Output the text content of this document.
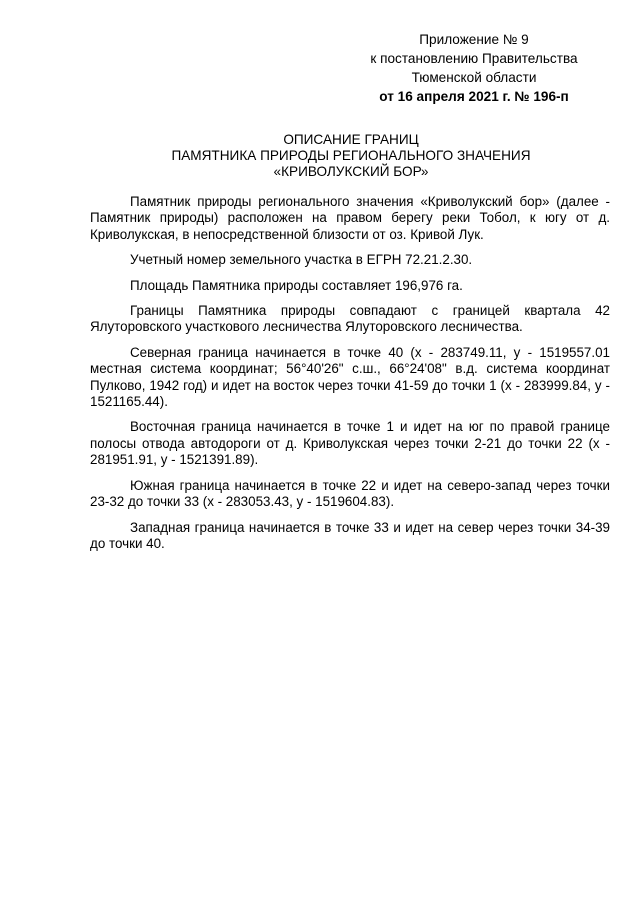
Приложение № 9
к постановлению Правительства
Тюменской области
от 16 апреля 2021 г. № 196-п
ОПИСАНИЕ ГРАНИЦ
ПАМЯТНИКА ПРИРОДЫ РЕГИОНАЛЬНОГО ЗНАЧЕНИЯ
«КРИВОЛУКСКИЙ БОР»

Памятник природы регионального значения «Криволукский бор» (далее - Памятник природы) расположен на правом берегу реки Тобол, к югу от д. Криволукская, в непосредственной близости от оз. Кривой Лук.

Учетный номер земельного участка в ЕГРН 72.21.2.30.

Площадь Памятника природы составляет 196,976 га.

Границы Памятника природы совпадают с границей квартала 42 Ялуторовского участкового лесничества Ялуторовского лесничества.

Северная граница начинается в точке 40 (x - 283749.11, y - 1519557.01 местная система координат; 56°40'26" с.ш., 66°24'08" в.д. система координат Пулково, 1942 год) и идет на восток через точки 41-59 до точки 1 (x - 283999.84, y - 1521165.44).

Восточная граница начинается в точке 1 и идет на юг по правой границе полосы отвода автодороги от д. Криволукская через точки 2-21 до точки 22 (x - 281951.91, y - 1521391.89).

Южная граница начинается в точке 22 и идет на северо-запад через точки 23-32 до точки 33 (x - 283053.43, y - 1519604.83).

Западная граница начинается в точке 33 и идет на север через точки 34-39 до точки 40.
